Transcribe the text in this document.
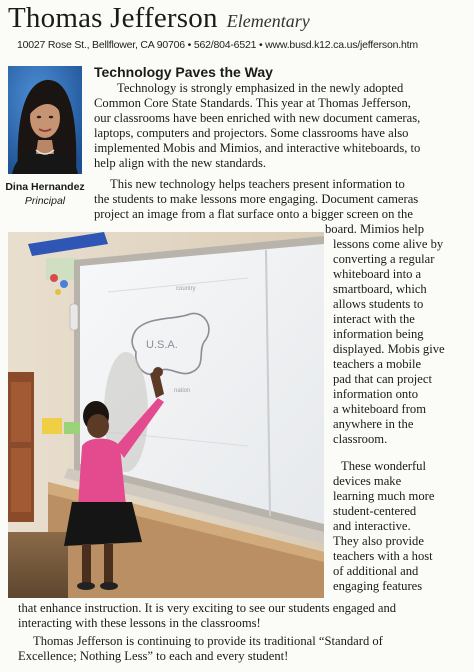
Thomas Jefferson Elementary
10027 Rose St., Bellflower, CA 90706 • 562/804-6521 • www.busd.k12.ca.us/jefferson.htm
Dina Hernandez
Principal
Technology Paves the Way
Technology is strongly emphasized in the newly adopted
Common Core State Standards. This year at Thomas Jefferson,
our classrooms have been enriched with new document cameras,
laptops, computers and projectors. Some classrooms have also
implemented Mobis and Mimios, and interactive whiteboards, to
help align with the new standards.
This new technology helps teachers present information to
the students to make lessons more engaging. Document cameras
project an image from a flat surface onto a bigger screen on the
board. Mimios help
lessons come alive by
converting a regular
whiteboard into a
smartboard, which
allows students to
interact with the
information being
displayed. Mobis give
teachers a mobile
pad that can project
information onto
a whiteboard from
anywhere in the
classroom.
These wonderful
devices make
learning much more
student-centered
and interactive.
They also provide
teachers with a host
of additional and
engaging features
that enhance instruction. It is very exciting to see our students engaged and
interacting with these lessons in the classrooms!
Thomas Jefferson is continuing to provide its traditional “Standard of
Excellence; Nothing Less” to each and every student!
U.S.A.
country
nation
